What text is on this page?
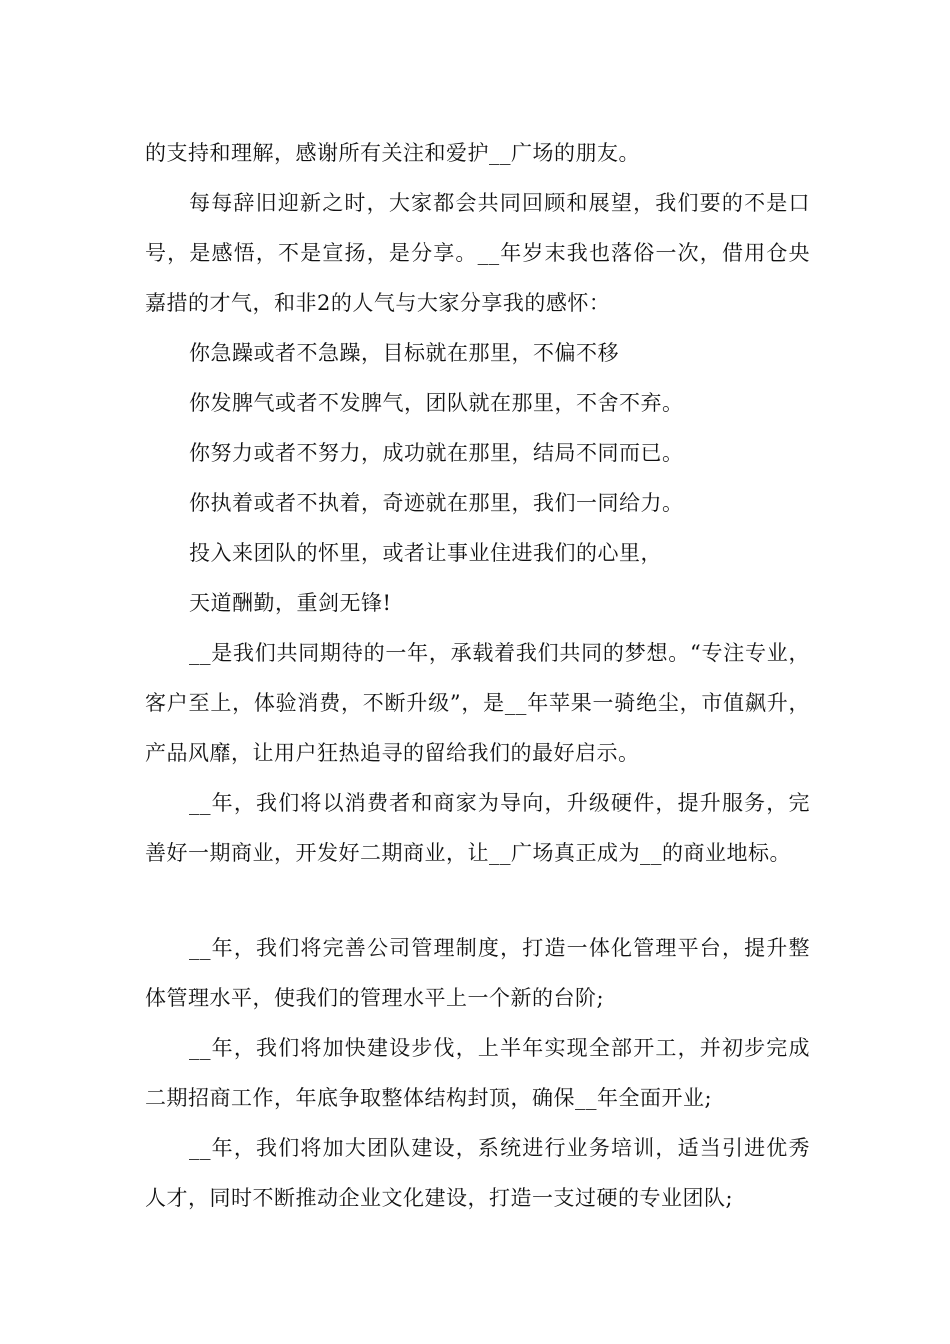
的支持和理解，感谢所有关注和爱护__广场的朋友。

每每辞旧迎新之时，大家都会共同回顾和展望，我们要的不是口号，是感悟，不是宣扬，是分享。__年岁末我也落俗一次，借用仓央嘉措的才气，和非2的人气与大家分享我的感怀：

你急躁或者不急躁，目标就在那里，不偏不移

你发脾气或者不发脾气，团队就在那里，不舍不弃。

你努力或者不努力，成功就在那里，结局不同而已。

你执着或者不执着，奇迹就在那里，我们一同给力。

投入来团队的怀里，或者让事业住进我们的心里，

天道酬勤，重剑无锋!

__是我们共同期待的一年，承载着我们共同的梦想。“专注专业，客户至上，体验消费，不断升级”，是__年苹果一骑绝尘，市值飙升，产品风靡，让用户狂热追寻的留给我们的最好启示。

__年，我们将以消费者和商家为导向，升级硬件，提升服务，完善好一期商业，开发好二期商业，让__广场真正成为__的商业地标。

__年，我们将完善公司管理制度，打造一体化管理平台，提升整体管理水平，使我们的管理水平上一个新的台阶;

__年，我们将加快建设步伐，上半年实现全部开工，并初步完成二期招商工作，年底争取整体结构封顶，确保__年全面开业;

__年，我们将加大团队建设，系统进行业务培训，适当引进优秀人才，同时不断推动企业文化建设，打造一支过硬的专业团队;
